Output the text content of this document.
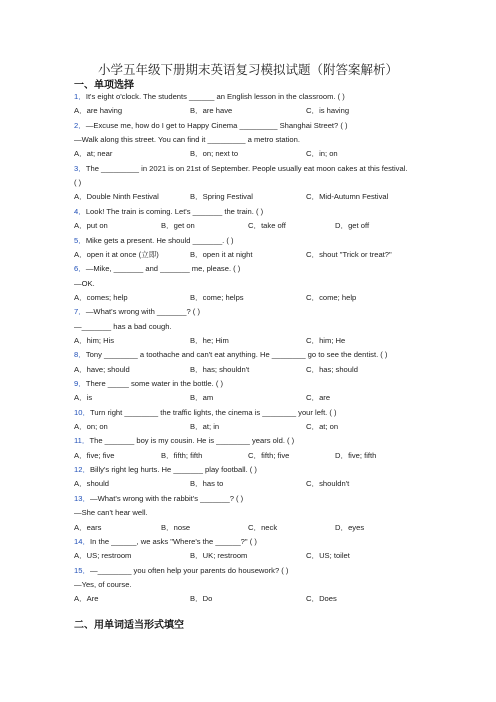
小学五年级下册期末英语复习模拟试题（附答案解析）
一、单项选择
1．It's eight o'clock. The students ______ an English lesson in the classroom. ( )
A．are having	B．are have	C．is having
2．—Excuse me, how do I get to Happy Cinema _________ Shanghai Street? ( )
—Walk along this street. You can find it _________ a metro station.
A．at; near	B．on; next to	C．in; on
3．The _________ in 2021 is on 21st of September. People usually eat moon cakes at this festival.
( )
A．Double Ninth Festival	B．Spring Festival	C．Mid-Autumn Festival
4．Look! The train is coming. Let's _______ the train. ( )
A．put on	B．get on	C．take off	D．get off
5．Mike gets a present. He should _______. ( )
A．open it at once (立即)	B．open it at night	C．shout "Trick or treat?"
6．—Mike, _______ and _______ me, please. ( )
—OK.
A．comes; help	B．come; helps	C．come; help
7．—What's wrong with _______? ( )
—_______ has a bad cough.
A．him; His	B．he; Him	C．him; He
8．Tony ________ a toothache and can't eat anything. He ________ go to see the dentist. ( )
A．have; should	B．has; shouldn't	C．has; should
9．There _____ some water in the bottle. ( )
A．is	B．am	C．are
10．Turn right ________ the traffic lights, the cinema is ________ your left. ( )
A．on; on	B．at; in	C．at; on
11．The _______ boy is my cousin. He is ________ years old. ( )
A．five; five	B．fifth; fifth	C．fifth; five	D．five; fifth
12．Billy's right leg hurts. He _______ play football. ( )
A．should	B．has to	C．shouldn't
13．—What's wrong with the rabbit's _______? ( )
—She can't hear well.
A．ears	B．nose	C．neck	D．eyes
14．In the ______, we asks "Where's the ______?" ( )
A．US; restroom	B．UK; restroom	C．US; toilet
15．—________ you often help your parents do housework? ( )
—Yes, of course.
A．Are	B．Do	C．Does
二、用单词适当形式填空
